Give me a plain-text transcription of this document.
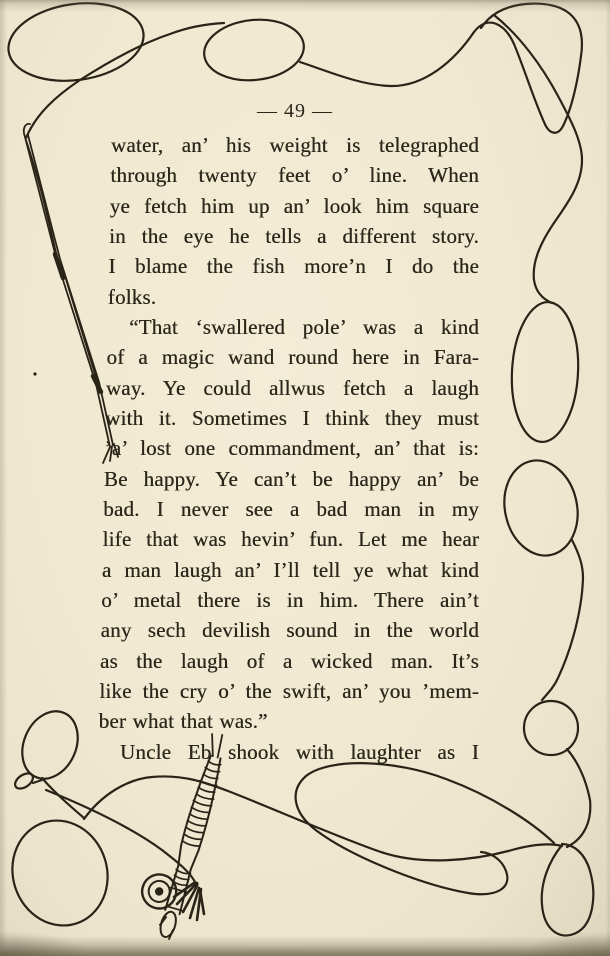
— 49 —
water, an’ his weight is telegraphed
through twenty feet o’ line. When
ye fetch him up an’ look him square
in the eye he tells a different story.
I blame the fish more’n I do the
folks.
“That ‘swallered pole’ was a kind
of a magic wand round here in Fara-
way. Ye could allwus fetch a laugh
with it. Sometimes I think they must
’a’ lost one commandment, an’ that is:
Be happy. Ye can’t be happy an’ be
bad. I never see a bad man in my
life that was hevin’ fun. Let me hear
a man laugh an’ I’ll tell ye what kind
o’ metal there is in him. There ain’t
any sech devilish sound in the world
as the laugh of a wicked man. It’s
like the cry o’ the swift, an’ you ’mem-
ber what that was.”
Uncle Eb shook with laughter as I
